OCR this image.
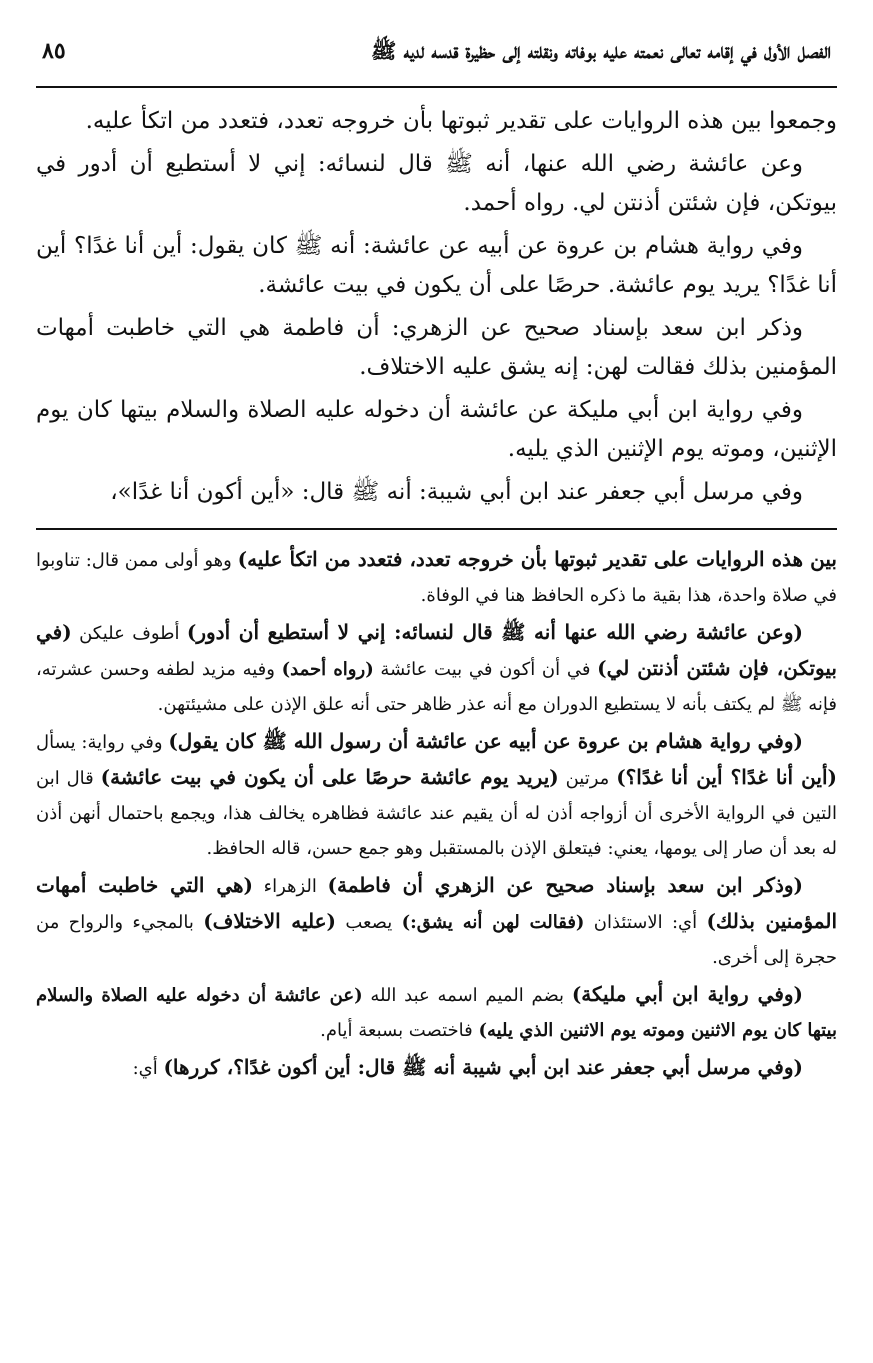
الفصل الأول في إقامه تعالى نعمته عليه بوفاته ونقلته إلى حظيرة قدسه لديه ﷺ
٨٥

وجمعوا بين هذه الروايات على تقدير ثبوتها بأن خروجه تعدد، فتعدد من اتكأ عليه.

وعن عائشة رضي الله عنها، أنه ﷺ قال لنسائه: إني لا أستطيع أن أدور في بيوتكن، فإن شئتن أذنتن لي. رواه أحمد.

وفي رواية هشام بن عروة عن أبيه عن عائشة: أنه ﷺ كان يقول: أين أنا غدًا؟ أين أنا غدًا؟ يريد يوم عائشة. حرصًا على أن يكون في بيت عائشة.

وذكر ابن سعد بإسناد صحيح عن الزهري: أن فاطمة هي التي خاطبت أمهات المؤمنين بذلك فقالت لهن: إنه يشق عليه الاختلاف.

وفي رواية ابن أبي مليكة عن عائشة أن دخوله عليه الصلاة والسلام بيتها كان يوم الإثنين، وموته يوم الإثنين الذي يليه.

وفي مرسل أبي جعفر عند ابن أبي شيبة: أنه ﷺ قال: «أين أكون أنا غدًا»،

بين هذه الروايات على تقدير ثبوتها بأن خروجه تعدد، فتعدد من اتكأ عليه) وهو أولى ممن قال: تناوبوا في صلاة واحدة، هذا بقية ما ذكره الحافظ هنا في الوفاة.

(وعن عائشة رضي الله عنها أنه ﷺ قال لنسائه: إني لا أستطيع أن أدور) أطوف عليكن (في بيوتكن، فإن شئتن أذنتن لي) في أن أكون في بيت عائشة (رواه أحمد) وفيه مزيد لطفه وحسن عشرته، فإنه ﷺ لم يكتف بأنه لا يستطيع الدوران مع أنه عذر ظاهر حتى أنه علق الإذن على مشيئتهن.

(وفي رواية هشام بن عروة عن أبيه عن عائشة أن رسول الله ﷺ كان يقول) وفي رواية: يسأل (أين أنا غدًا؟ أين أنا غدًا؟) مرتين (يريد يوم عائشة حرصًا على أن يكون في بيت عائشة) قال ابن التين في الرواية الأخرى أن أزواجه أذن له أن يقيم عند عائشة فظاهره يخالف هذا، ويجمع باحتمال أنهن أذن له بعد أن صار إلى يومها، يعني: فيتعلق الإذن بالمستقبل وهو جمع حسن، قاله الحافظ.

(وذكر ابن سعد بإسناد صحيح عن الزهري أن فاطمة) الزهراء (هي التي خاطبت أمهات المؤمنين بذلك) أي: الاستئذان (فقالت لهن أنه يشق:) يصعب (عليه الاختلاف) بالمجيء والرواح من حجرة إلى أخرى.

(وفي رواية ابن أبي مليكة) بضم الميم اسمه عبد الله (عن عائشة أن دخوله عليه الصلاة والسلام بيتها كان يوم الاثنين وموته يوم الاثنين الذي يليه) فاختصت بسبعة أيام.

(وفي مرسل أبي جعفر عند ابن أبي شيبة أنه ﷺ قال: أين أكون غدًا؟، كررها) أي:
